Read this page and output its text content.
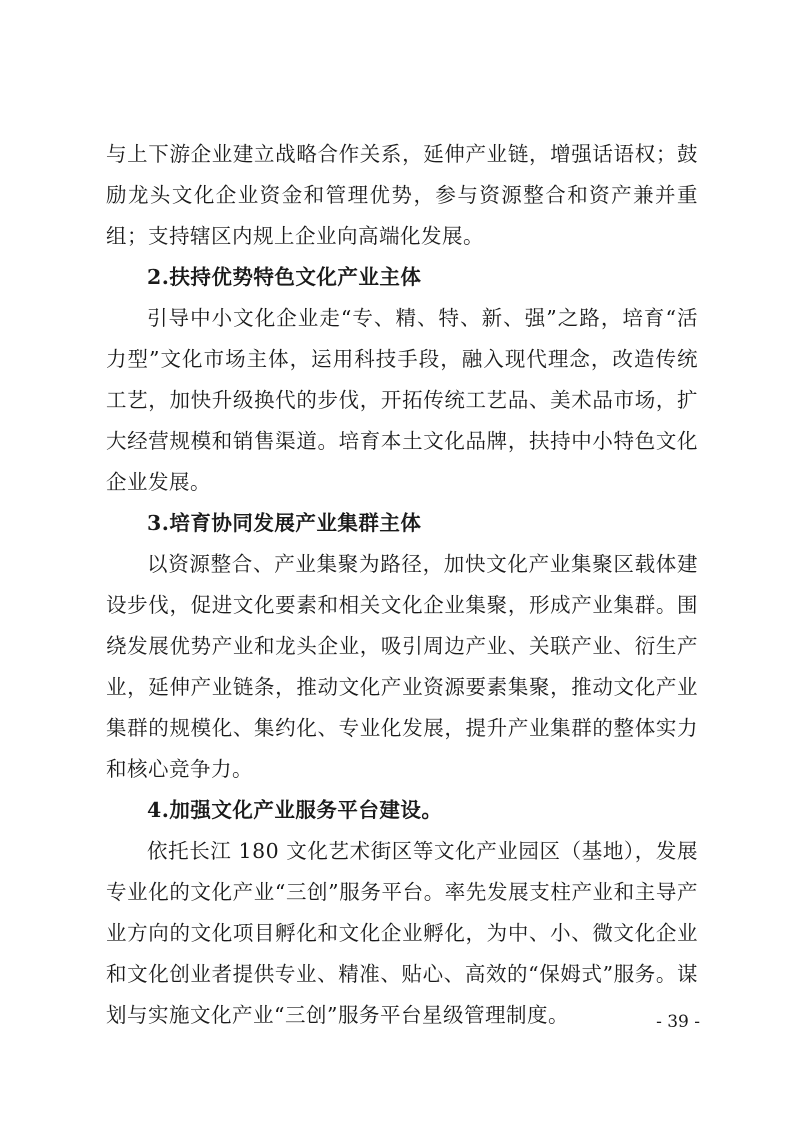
与上下游企业建立战略合作关系，延伸产业链，增强话语权；鼓励龙头文化企业资金和管理优势，参与资源整合和资产兼并重组；支持辖区内规上企业向高端化发展。

2.扶持优势特色文化产业主体

引导中小文化企业走“专、精、特、新、强”之路，培育“活力型”文化市场主体，运用科技手段，融入现代理念，改造传统工艺，加快升级换代的步伐，开拓传统工艺品、美术品市场，扩大经营规模和销售渠道。培育本土文化品牌，扶持中小特色文化企业发展。

3.培育协同发展产业集群主体

以资源整合、产业集聚为路径，加快文化产业集聚区载体建设步伐，促进文化要素和相关文化企业集聚，形成产业集群。围绕发展优势产业和龙头企业，吸引周边产业、关联产业、衍生产业，延伸产业链条，推动文化产业资源要素集聚，推动文化产业集群的规模化、集约化、专业化发展，提升产业集群的整体实力和核心竞争力。

4.加强文化产业服务平台建设。

依托长江 180 文化艺术街区等文化产业园区（基地），发展专业化的文化产业“三创”服务平台。率先发展支柱产业和主导产业方向的文化项目孵化和文化企业孵化，为中、小、微文化企业和文化创业者提供专业、精准、贴心、高效的“保姆式”服务。谋划与实施文化产业“三创”服务平台星级管理制度。	- 39 -
